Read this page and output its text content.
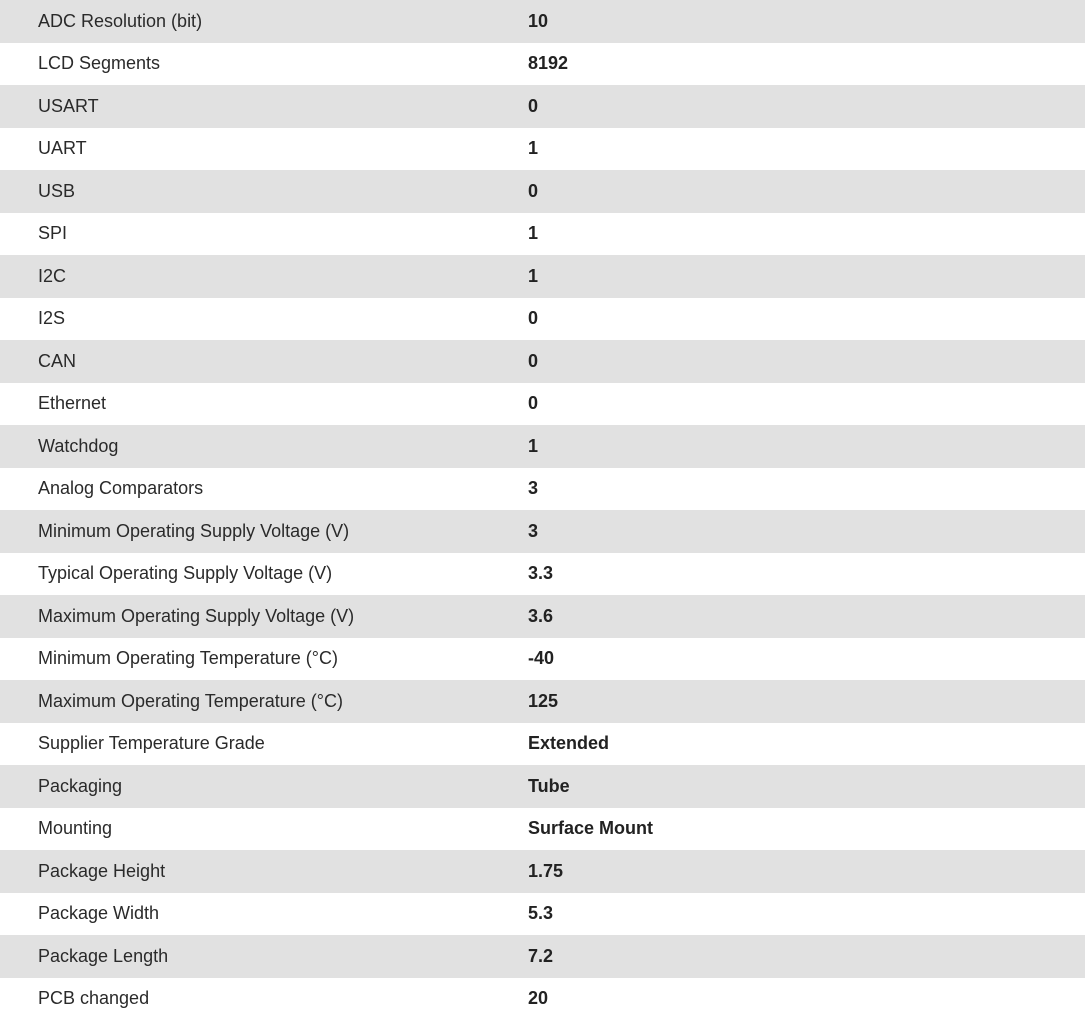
ADC Resolution (bit)	10
LCD Segments	8192
USART	0
UART	1
USB	0
SPI	1
I2C	1
I2S	0
CAN	0
Ethernet	0
Watchdog	1
Analog Comparators	3
Minimum Operating Supply Voltage (V)	3
Typical Operating Supply Voltage (V)	3.3
Maximum Operating Supply Voltage (V)	3.6
Minimum Operating Temperature (°C)	-40
Maximum Operating Temperature (°C)	125
Supplier Temperature Grade	Extended
Packaging	Tube
Mounting	Surface Mount
Package Height	1.75
Package Width	5.3
Package Length	7.2
PCB changed	20
